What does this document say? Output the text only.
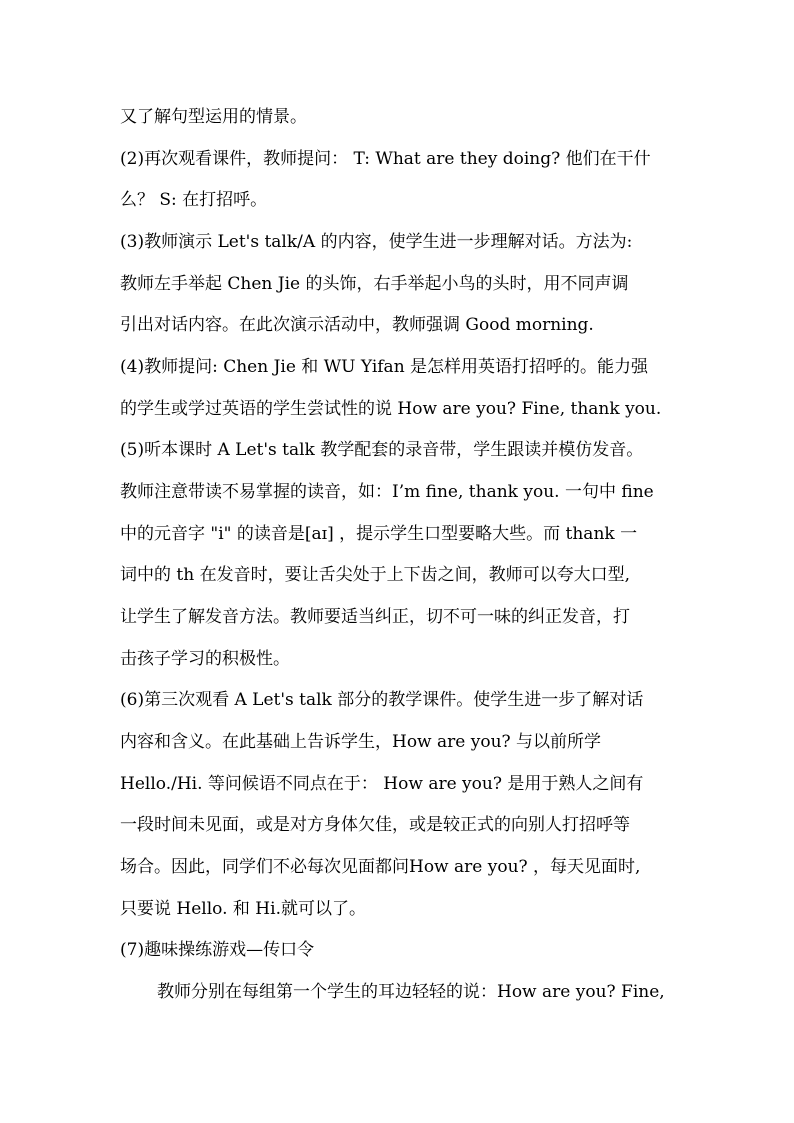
又了解句型运用的情景。
(2)再次观看课件，教师提问： T: What are they doing? 他们在干什
么？ S: 在打招呼。
(3)教师演示 Let's talk/A 的内容，使学生进一步理解对话。方法为:
教师左手举起 Chen Jie 的头饰，右手举起小鸟的头时，用不同声调
引出对话内容。在此次演示活动中，教师强调 Good morning.
(4)教师提问: Chen Jie 和 WU Yifan 是怎样用英语打招呼的。能力强
的学生或学过英语的学生尝试性的说 How are you? Fine, thank you.
(5)听本课时 A Let's talk 教学配套的录音带，学生跟读并模仿发音。
教师注意带读不易掌握的读音，如：I’m fine, thank you. 一句中 fine
中的元音字 "i" 的读音是[aɪ] ，提示学生口型要略大些。而 thank 一
词中的 th 在发音时，要让舌尖处于上下齿之间，教师可以夸大口型,
让学生了解发音方法。教师要适当纠正，切不可一味的纠正发音，打
击孩子学习的积极性。
(6)第三次观看 A Let's talk 部分的教学课件。使学生进一步了解对话
内容和含义。在此基础上告诉学生，How are you? 与以前所学
Hello./Hi. 等问候语不同点在于： How are you? 是用于熟人之间有
一段时间未见面，或是对方身体欠佳，或是较正式的向别人打招呼等
场合。因此，同学们不必每次见面都问How are you? ，每天见面时,
只要说 Hello. 和 Hi.就可以了。
(7)趣味操练游戏—传口令
教师分别在每组第一个学生的耳边轻轻的说：How are you? Fine,
